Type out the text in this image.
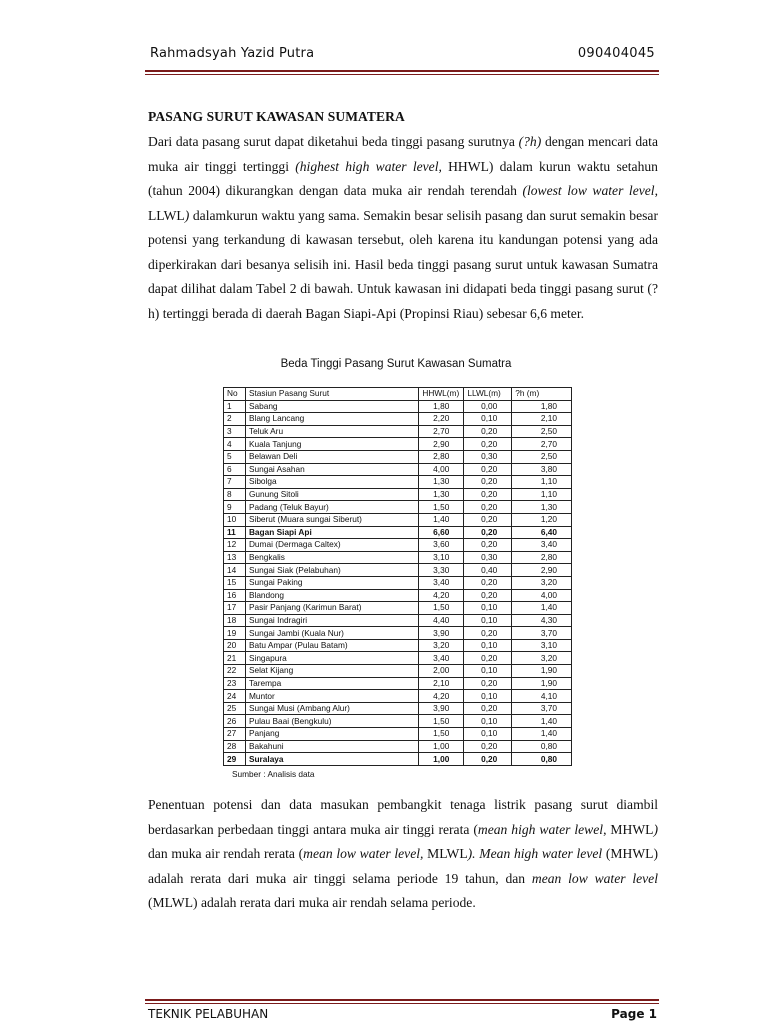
Rahmadsyah Yazid Putra	090404045
PASANG SURUT KAWASAN SUMATERA

Dari data pasang surut dapat diketahui beda tinggi pasang surutnya (?h) dengan mencari data muka air tinggi tertinggi (highest high water level, HHWL) dalam kurun waktu setahun (tahun 2004) dikurangkan dengan data muka air rendah terendah (lowest low water level, LLWL) dalamkurun waktu yang sama. Semakin besar selisih pasang dan surut semakin besar potensi yang terkandung di kawasan tersebut, oleh karena itu kandungan potensi yang ada diperkirakan dari besanya selisih ini. Hasil beda tinggi pasang surut untuk kawasan Sumatra dapat dilihat dalam Tabel 2 di bawah. Untuk kawasan ini didapati beda tinggi pasang surut (?h) tertinggi berada di daerah Bagan Siapi-Api (Propinsi Riau) sebesar 6,6 meter.

Beda Tinggi Pasang Surut Kawasan Sumatra
No	Stasiun Pasang Surut	HHWL(m)	LLWL(m)	?h (m)
1	Sabang	1,80	0,00	1,80
2	Blang Lancang	2,20	0,10	2,10
3	Teluk Aru	2,70	0,20	2,50
4	Kuala Tanjung	2,90	0,20	2,70
5	Belawan Deli	2,80	0,30	2,50
6	Sungai Asahan	4,00	0,20	3,80
7	Sibolga	1,30	0,20	1,10
8	Gunung Sitoli	1,30	0,20	1,10
9	Padang (Teluk Bayur)	1,50	0,20	1,30
10	Siberut (Muara sungai Siberut)	1,40	0,20	1,20
11	Bagan Siapi Api	6,60	0,20	6,40
12	Dumai (Dermaga Caltex)	3,60	0,20	3,40
13	Bengkalis	3,10	0,30	2,80
14	Sungai Siak (Pelabuhan)	3,30	0,40	2,90
15	Sungai Paking	3,40	0,20	3,20
16	Blandong	4,20	0,20	4,00
17	Pasir Panjang (Karimun Barat)	1,50	0,10	1,40
18	Sungai Indragiri	4,40	0,10	4,30
19	Sungai Jambi (Kuala Nur)	3,90	0,20	3,70
20	Batu Ampar (Pulau Batam)	3,20	0,10	3,10
21	Singapura	3,40	0,20	3,20
22	Selat Kijang	2,00	0,10	1,90
23	Tarempa	2,10	0,20	1,90
24	Muntor	4,20	0,10	4,10
25	Sungai Musi (Ambang Alur)	3,90	0,20	3,70
26	Pulau Baai (Bengkulu)	1,50	0,10	1,40
27	Panjang	1,50	0,10	1,40
28	Bakahuni	1,00	0,20	0,80
29	Suralaya	1,00	0,20	0,80
Sumber : Analisis data

Penentuan potensi dan data masukan pembangkit tenaga listrik pasang surut diambil berdasarkan perbedaan tinggi antara muka air tinggi rerata (mean high water lewel, MHWL) dan muka air rendah rerata (mean low water level, MLWL). Mean high water level (MHWL) adalah rerata dari muka air tinggi selama periode 19 tahun, dan mean low water level (MLWL) adalah rerata dari muka air rendah selama periode.

TEKNIK PELABUHAN	Page 1
